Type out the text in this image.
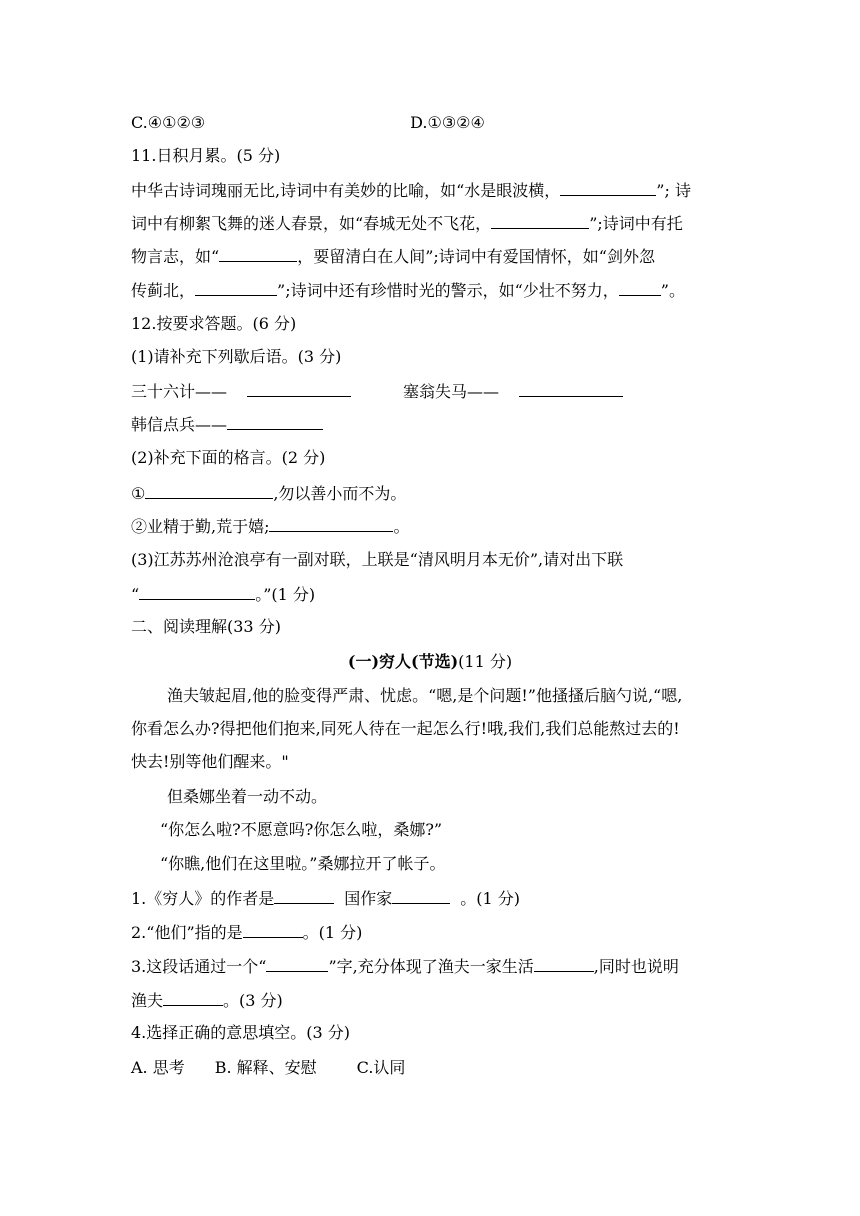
C.④①②③	D.①③②④
11.日积月累。(5 分)
中华古诗词瑰丽无比,诗词中有美妙的比喻，如“水是眼波横，	”; 诗
词中有柳絮飞舞的迷人春景，如“春城无处不飞花，	”;诗词中有托
物言志，如“	，要留清白在人间”;诗词中有爱国情怀，如“剑外忽
传蓟北，	”;诗词中还有珍惜时光的警示，如“少壮不努力，	”。
12.按要求答题。(6 分)
(1)请补充下列歇后语。(3 分)
三十六计——	塞翁失马——
韩信点兵——
(2)补充下面的格言。(2 分)
①	,勿以善小而不为。
②业精于勤,荒于嬉;	。
(3)江苏苏州沧浪亭有一副对联，上联是“清风明月本无价”,请对出下联
“	。”(1 分)
二、阅读理解(33 分)
(一)穷人(节选)(11 分)
渔夫皱起眉,他的脸变得严肃、忧虑。“嗯,是个问题!”他搔搔后脑勺说,“嗯,
你看怎么办?得把他们抱来,同死人待在一起怎么行!哦,我们,我们总能熬过去的!
快去!别等他们醒来。"
但桑娜坐着一动不动。
“你怎么啦?不愿意吗?你怎么啦，桑娜?”
“你瞧,他们在这里啦。”桑娜拉开了帐子。
1.《穷人》的作者是	国作家	。(1 分)
2.“他们”指的是	。(1 分)
3.这段话通过一个“	”字,充分体现了渔夫一家生活	,同时也说明
渔夫	。(3 分)
4.选择正确的意思填空。(3 分)
A. 思考 B. 解释、安慰	C.认同
